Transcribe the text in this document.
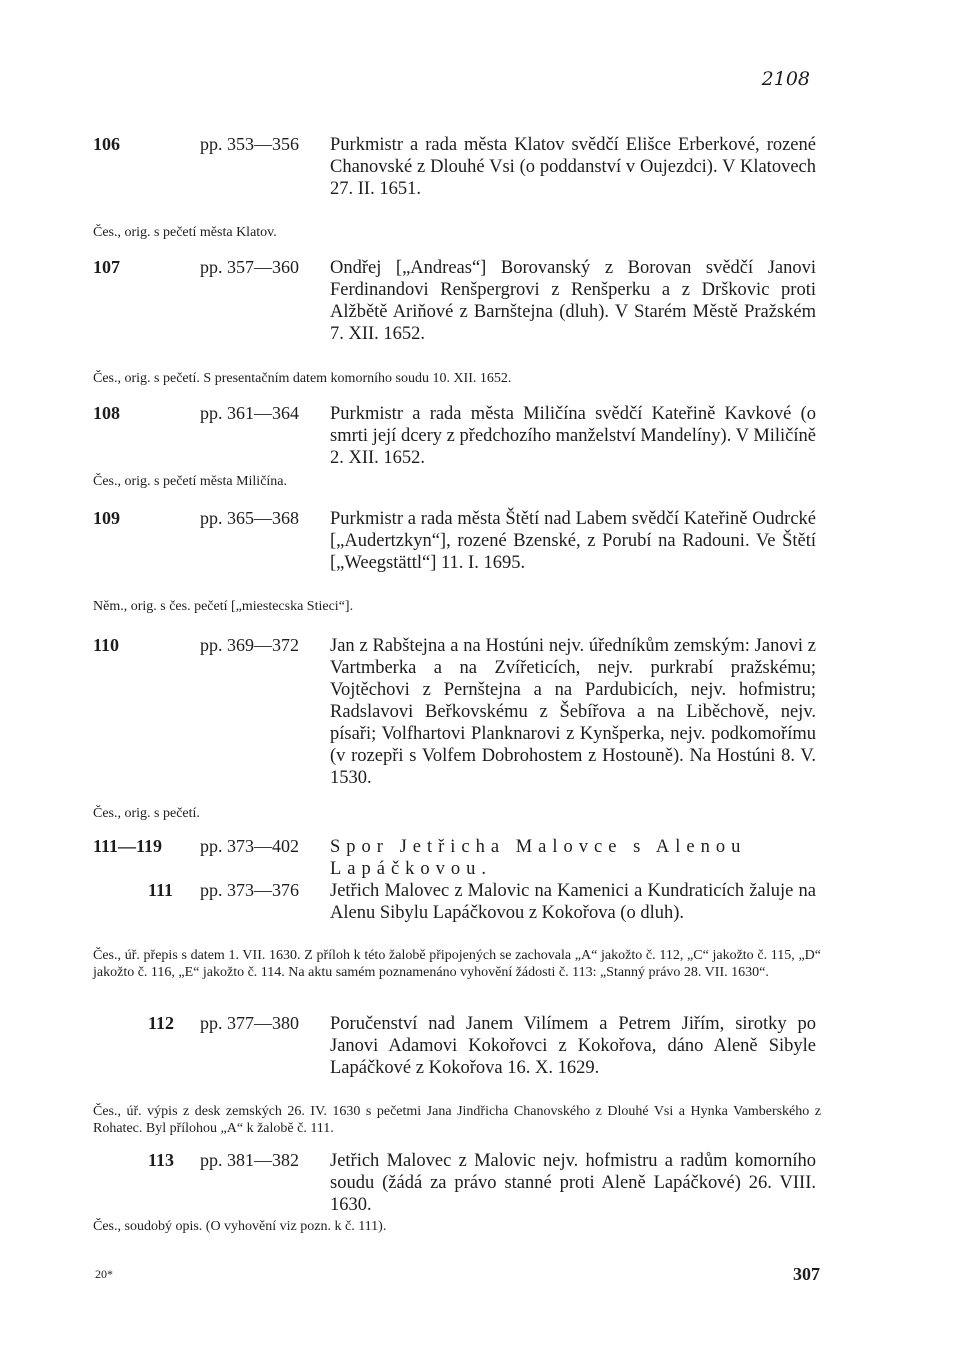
2108
106	pp. 353—356 Purkmistr a rada města Klatov svědčí Elišce Erberkové, rozené Chanovské z Dlouhé Vsi (o poddanství v Oujezdci). V Klatovech 27. II. 1651.
Čes., orig. s pečetí města Klatov.
107	pp. 357—360 Ondřej [„Andreas“] Borovanský z Borovan svědčí Janovi Ferdinandovi Renšpergrovi z Renšperku a z Drškovic proti Alžbětě Ariňové z Barnštejna (dluh). V Starém Městě Pražském 7. XII. 1652.
Čes., orig. s pečetí. S presentačním datem komorního soudu 10. XII. 1652.
108	pp. 361—364 Purkmistr a rada města Miličína svědčí Kateřině Kavkové (o smrti její dcery z předchozího manželství Mandelíny). V Miličíně 2. XII. 1652.
Čes., orig. s pečetí města Miličína.
109	pp. 365—368 Purkmistr a rada města Štětí nad Labem svědčí Kateřině Oudrcké [„Audertzkyn“], rozené Bzenské, z Porubí na Radouni. Ve Štětí [„Weegstättl“] 11. I. 1695.
Něm., orig. s čes. pečetí [„miestecska Stieci“].
110	pp. 369—372 Jan z Rabštejna a na Hostúni nejv. úředníkům zemským: Janovi z Vartmberka a na Zvířeticích, nejv. purkrabí pražskému; Vojtěchovi z Pernštejna a na Pardubicích, nejv. hofmistru; Radslavovi Beřkovskému z Šebířova a na Liběchově, nejv. písaři; Volfhartovi Planknarovi z Kynšperka, nejv. podkomořímu (v rozepři s Volfem Dobrohostem z Hostouně). Na Hostúni 8. V. 1530.
Čes., orig. s pečetí.
111—119 pp. 373—402 Spor Jetřicha Malovce s Alenou Lapáčkovou.
111 pp. 373—376 Jetřich Malovec z Malovic na Kamenici a Kundraticích žaluje na Alenu Sibylu Lapáčkovou z Kokořova (o dluh).
Čes., úř. přepis s datem 1. VII. 1630. Z příloh k této žalobě připojených se zachovala „A“ jakožto č. 112, „C“ jakožto č. 115, „D“ jakožto č. 116, „E“ jakožto č. 114. Na aktu samém poznamenáno vyhovění žádosti č. 113: „Stanný právo 28. VII. 1630“.
112 pp. 377—380 Poručenství nad Janem Vilímem a Petrem Jiřím, sirotky po Janovi Adamovi Kokořovci z Kokořova, dáno Aleně Sibyle Lapáčkové z Kokořova 16. X. 1629.
Čes., úř. výpis z desk zemských 26. IV. 1630 s pečetmi Jana Jindřicha Chanovského z Dlouhé Vsi a Hynka Vamberského z Rohatec. Byl přílohou „A“ k žalobě č. 111.
113 pp. 381—382 Jetřich Malovec z Malovic nejv. hofmistru a radům komorního soudu (žádá za právo stanné proti Aleně Lapáčkové) 26. VIII. 1630.
Čes., soudobý opis. (O vyhovění viz pozn. k č. 111).
20*	307
